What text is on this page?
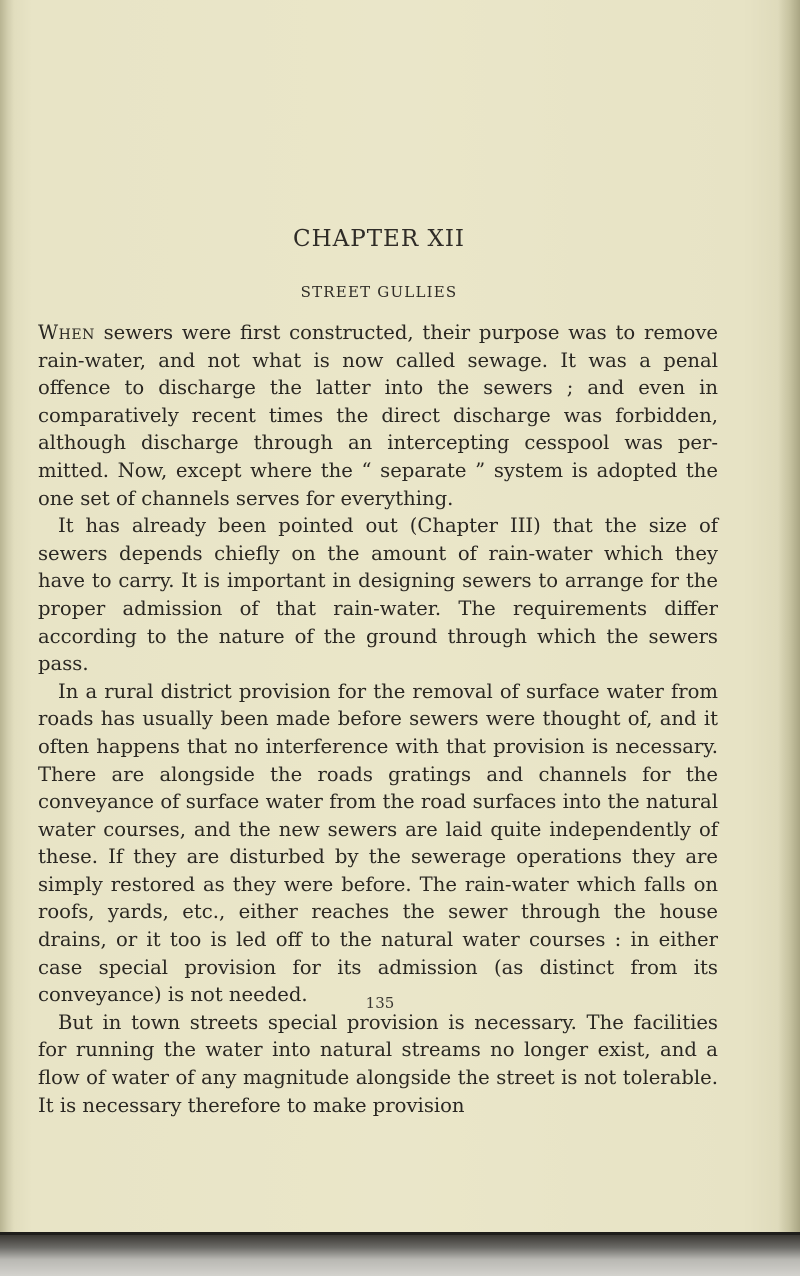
CHAPTER XII
STREET GULLIES

When sewers were first constructed, their purpose was to remove rain-water, and not what is now called sewage. It was a penal offence to discharge the latter into the sewers ; and even in comparatively recent times the direct discharge was forbidden, although discharge through an intercepting cesspool was per-mitted. Now, except where the “ separate ” system is adopted the one set of channels serves for everything.

It has already been pointed out (Chapter III) that the size of sewers depends chiefly on the amount of rain-water which they have to carry. It is important in designing sewers to arrange for the proper admission of that rain-water. The requirements differ according to the nature of the ground through which the sewers pass.

In a rural district provision for the removal of surface water from roads has usually been made before sewers were thought of, and it often happens that no interference with that provision is necessary. There are alongside the roads gratings and channels for the conveyance of surface water from the road surfaces into the natural water courses, and the new sewers are laid quite independently of these. If they are disturbed by the sewerage operations they are simply restored as they were before. The rain-water which falls on roofs, yards, etc., either reaches the sewer through the house drains, or it too is led off to the natural water courses : in either case special provision for its admission (as distinct from its conveyance) is not needed.

But in town streets special provision is necessary. The facilities for running the water into natural streams no longer exist, and a flow of water of any magnitude alongside the street is not tolerable. It is necessary therefore to make provision

135
